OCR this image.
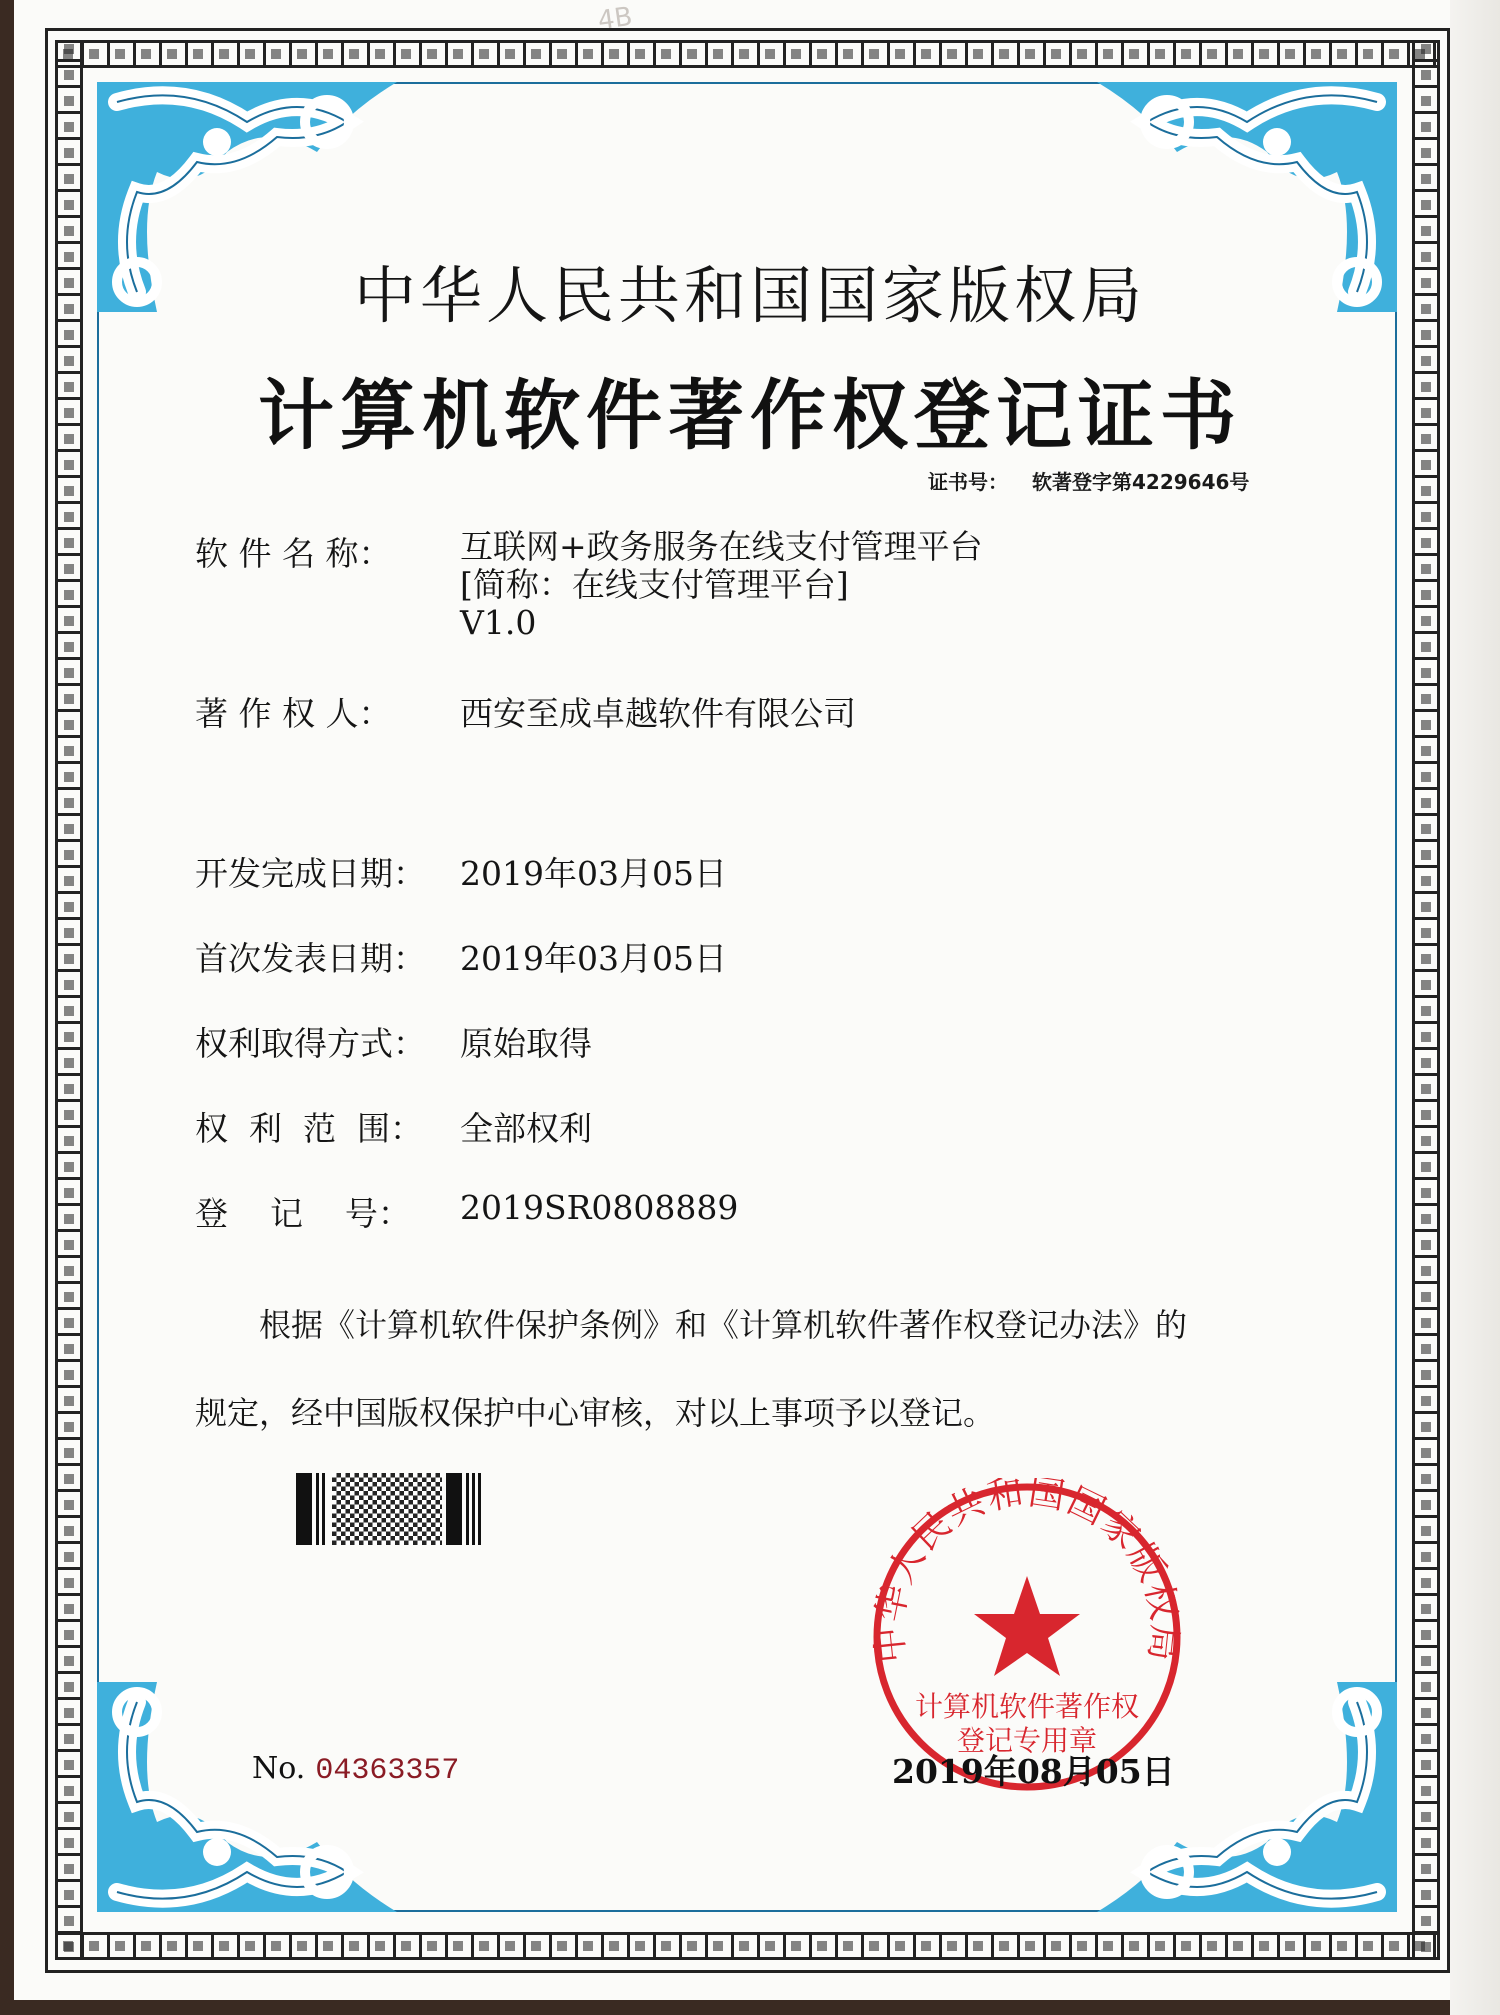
4B
中华人民共和国国家版权局
计算机软件著作权登记证书
证书号： 软著登字第4229646号
软 件 名 称：	互联网+政务服务在线支付管理平台
[简称：在线支付管理平台]
V1.0
著 作 权 人：	西安至成卓越软件有限公司
开发完成日期：	2019年03月05日
首次发表日期：	2019年03月05日
权利取得方式：	原始取得
权  利  范  围：	全部权利
登    记    号：	2019SR0808889
根据《计算机软件保护条例》和《计算机软件著作权登记办法》的
规定，经中国版权保护中心审核，对以上事项予以登记。
No. 04363357
中华人民共和国国家版权局
计算机软件著作权
登记专用章
2019年08月05日
